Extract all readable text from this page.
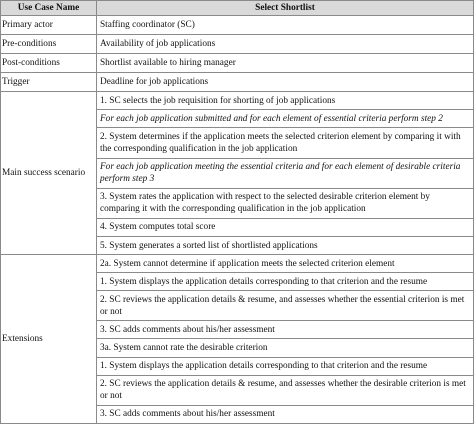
Use Case Name	Select Shortlist
Primary actor	Staffing coordinator (SC)
Pre-conditions	Availability of job applications
Post-conditions	Shortlist available to hiring manager
Trigger	Deadline for job applications
Main success scenario	1. SC selects the job requisition for shorting of job applications
	For each job application submitted and for each element of essential criteria perform step 2
	2. System determines if the application meets the selected criterion element by comparing it with the corresponding qualification in the job application
	For each job application meeting the essential criteria and for each element of desirable criteria perform step 3
	3. System rates the application with respect to the selected desirable criterion element by comparing it with the corresponding qualification in the job application
	4. System computes total score
	5. System generates a sorted list of shortlisted applications
Extensions	2a. System cannot determine if application meets the selected criterion element
	1. System displays the application details corresponding to that criterion and the resume
	2. SC reviews the application details & resume, and assesses whether the essential criterion is met or not
	3. SC adds comments about his/her assessment
	3a. System cannot rate the desirable criterion
	1. System displays the application details corresponding to that criterion and the resume
	2. SC reviews the application details & resume, and assesses whether the desirable criterion is met or not
	3. SC adds comments about his/her assessment
